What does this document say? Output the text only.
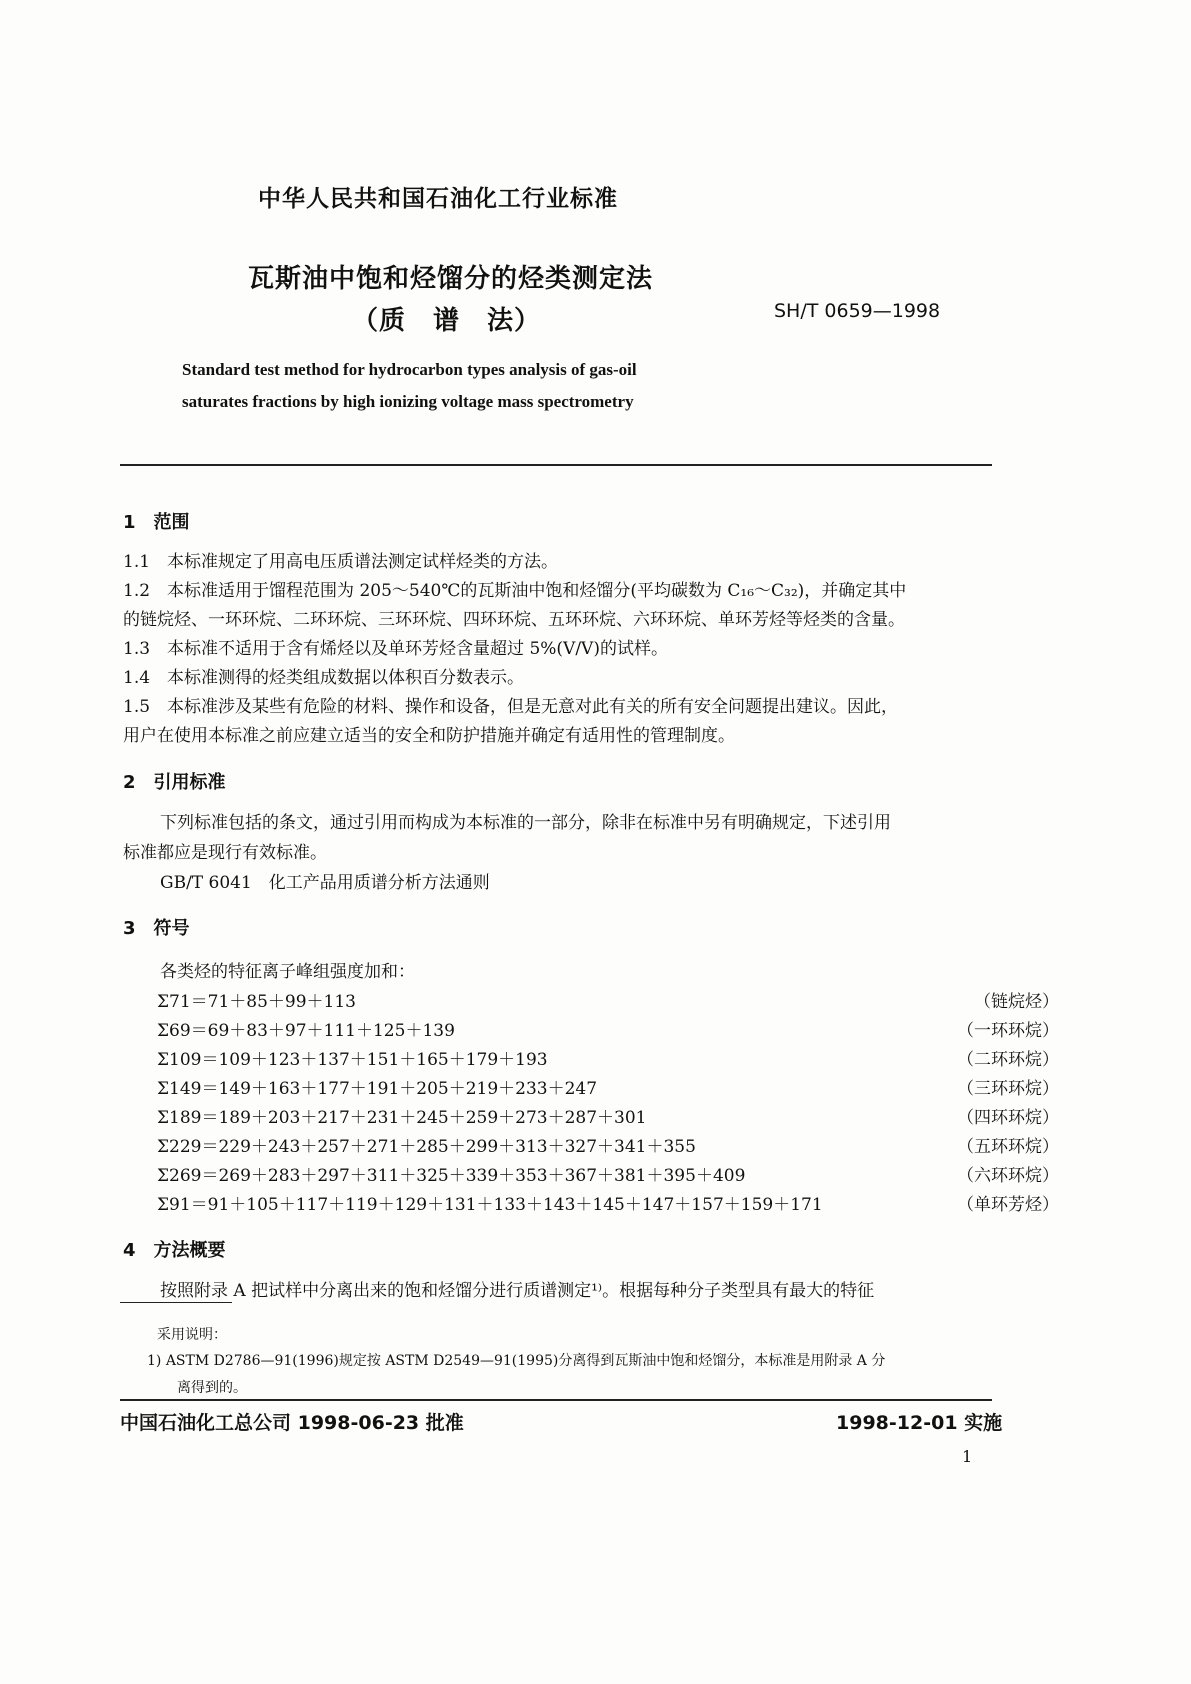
中华人民共和国石油化工行业标准
瓦斯油中饱和烃馏分的烃类测定法
（质　谱　法）	SH/T 0659—1998
Standard test method for hydrocarbon types analysis of gas-oil
saturates fractions by high ionizing voltage mass spectrometry
1　范围
1.1　本标准规定了用高电压质谱法测定试样烃类的方法。
1.2　本标准适用于馏程范围为 205～540℃的瓦斯油中饱和烃馏分(平均碳数为 C₁₆～C₃₂)，并确定其中
的链烷烃、一环环烷、二环环烷、三环环烷、四环环烷、五环环烷、六环环烷、单环芳烃等烃类的含量。
1.3　本标准不适用于含有烯烃以及单环芳烃含量超过 5%(V/V)的试样。
1.4　本标准测得的烃类组成数据以体积百分数表示。
1.5　本标准涉及某些有危险的材料、操作和设备，但是无意对此有关的所有安全问题提出建议。因此，
用户在使用本标准之前应建立适当的安全和防护措施并确定有适用性的管理制度。
2　引用标准
下列标准包括的条文，通过引用而构成为本标准的一部分，除非在标准中另有明确规定，下述引用
标准都应是现行有效标准。
GB/T 6041　化工产品用质谱分析方法通则
3　符号
各类烃的特征离子峰组强度加和：
Σ71＝71＋85＋99＋113	（链烷烃）
Σ69＝69＋83＋97＋111＋125＋139	（一环环烷）
Σ109＝109＋123＋137＋151＋165＋179＋193	（二环环烷）
Σ149＝149＋163＋177＋191＋205＋219＋233＋247	（三环环烷）
Σ189＝189＋203＋217＋231＋245＋259＋273＋287＋301	（四环环烷）
Σ229＝229＋243＋257＋271＋285＋299＋313＋327＋341＋355	（五环环烷）
Σ269＝269＋283＋297＋311＋325＋339＋353＋367＋381＋395＋409	（六环环烷）
Σ91＝91＋105＋117＋119＋129＋131＋133＋143＋145＋147＋157＋159＋171	（单环芳烃）
4　方法概要
按照附录 A 把试样中分离出来的饱和烃馏分进行质谱测定¹⁾。根据每种分子类型具有最大的特征
采用说明：
1) ASTM D2786—91(1996)规定按 ASTM D2549—91(1995)分离得到瓦斯油中饱和烃馏分，本标准是用附录 A 分
离得到的。
中国石油化工总公司 1998-06-23 批准	1998-12-01 实施
1
